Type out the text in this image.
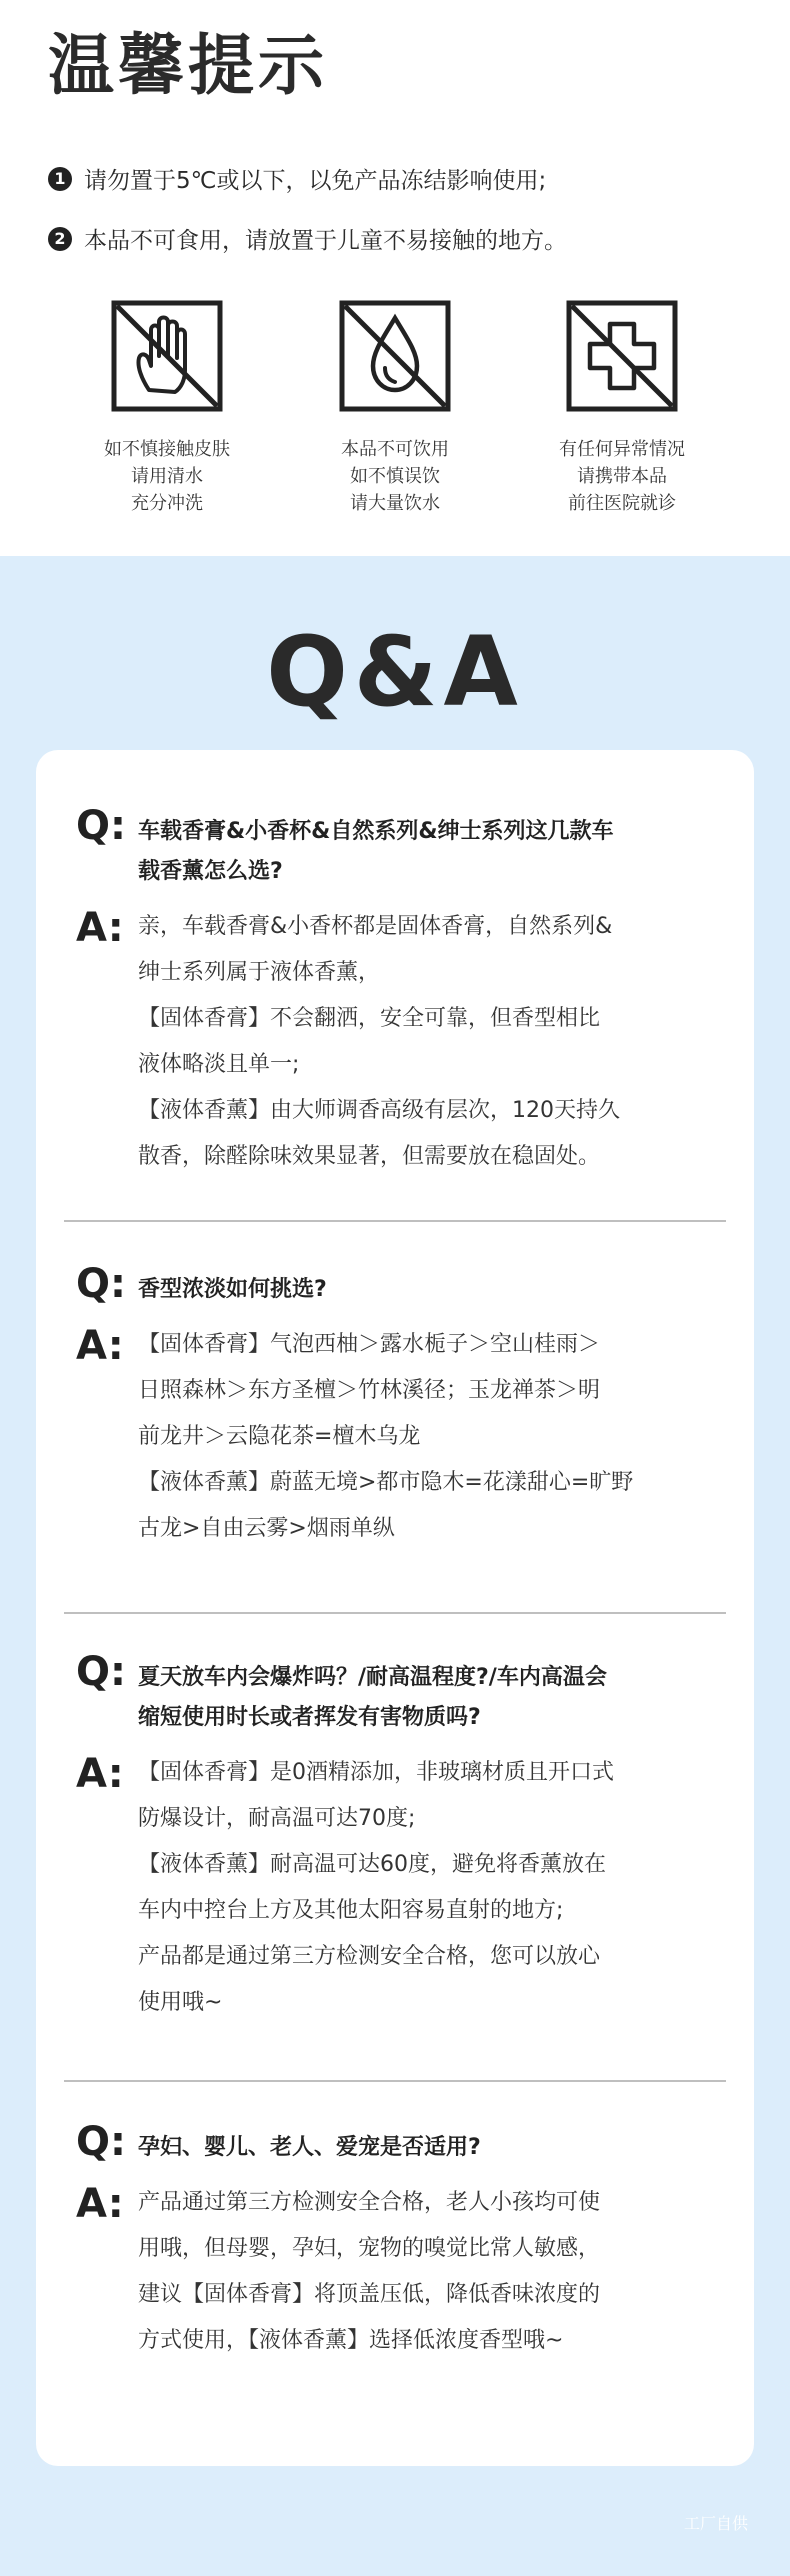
温馨提示
1 请勿置于5℃或以下，以免产品冻结影响使用;
2 本品不可食用，请放置于儿童不易接触的地方。
如不慎接触皮肤
请用清水
充分冲洗
本品不可饮用
如不慎误饮
请大量饮水
有任何异常情况
请携带本品
前往医院就诊
Q&A
Q: 车载香膏&小香杯&自然系列&绅士系列这几款车
载香薰怎么选?
A: 亲，车载香膏&小香杯都是固体香膏，自然系列&
绅士系列属于液体香薰，
【固体香膏】不会翻洒，安全可靠，但香型相比
液体略淡且单一;
【液体香薰】由大师调香高级有层次，120天持久
散香，除醛除味效果显著，但需要放在稳固处。
Q: 香型浓淡如何挑选?
A: 【固体香膏】气泡西柚＞露水栀子＞空山桂雨＞
日照森林＞东方圣檀＞竹林溪径；玉龙禅茶＞明
前龙井＞云隐花茶=檀木乌龙
【液体香薰】蔚蓝无境>都市隐木=花漾甜心=旷野
古龙>自由云雾>烟雨单纵
Q: 夏天放车内会爆炸吗？/耐高温程度?/车内高温会
缩短使用时长或者挥发有害物质吗?
A: 【固体香膏】是0酒精添加，非玻璃材质且开口式
防爆设计，耐高温可达70度;
【液体香薰】耐高温可达60度，避免将香薰放在
车内中控台上方及其他太阳容易直射的地方;
产品都是通过第三方检测安全合格，您可以放心
使用哦~
Q: 孕妇、婴儿、老人、爱宠是否适用?
A: 产品通过第三方检测安全合格，老人小孩均可使
用哦，但母婴，孕妇，宠物的嗅觉比常人敏感，
建议【固体香膏】将顶盖压低，降低香味浓度的
方式使用，【液体香薰】选择低浓度香型哦~
工厂自供
